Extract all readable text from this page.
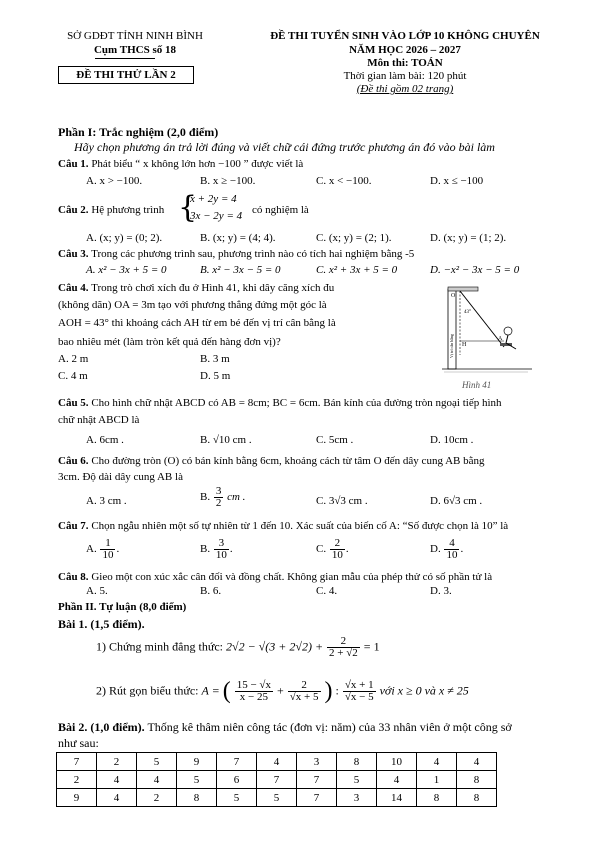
SỞ GDĐT TỈNH NINH BÌNH
Cụm THCS số 18
ĐỀ THI THỬ LẦN 2
ĐỀ THI TUYỂN SINH VÀO LỚP 10 KHÔNG CHUYÊN
NĂM HỌC 2026 – 2027
Môn thi: TOÁN
Thời gian làm bài: 120 phút
(Đề thi gồm 02 trang)
Phần I: Trắc nghiệm (2,0 điểm)
Hãy chọn phương án trả lời đúng và viết chữ cái đứng trước phương án đó vào bài làm
Câu 1. Phát biểu “ x không lớn hơn −100 ” được viết là
A. x > −100.	B. x ≥ −100.	C. x < −100.	D. x ≤ −100
Câu 2. Hệ phương trình {
x + 2y = 4
3x − 2y = 4 có nghiệm là
A. (x; y) = (0; 2).	B. (x; y) = (4; 4).	C. (x; y) = (2; 1).	D. (x; y) = (1; 2).
Câu 3. Trong các phương trình sau, phương trình nào có tích hai nghiệm bằng -5
A. x² − 3x + 5 = 0	B. x² − 3x − 5 = 0	C. x² + 3x + 5 = 0	D. −x² − 3x − 5 = 0
Câu 4. Trong trò chơi xích đu ở Hình 41, khi dây căng xích đu
(không dãn) OA = 3m tạo với phương thẳng đứng một góc là
AOH = 43° thì khoảng cách AH từ em bé đến vị trí cân bằng là
bao nhiêu mét (làm tròn kết quả đến hàng đơn vị)?
A. 2 m	B. 3 m
C. 4 m	D. 5 m
O
43°
H
A
Vị trí cân bằng
Hình 41
Câu 5. Cho hình chữ nhật ABCD có AB = 8cm; BC = 6cm. Bán kính của đường tròn ngoại tiếp hình
chữ nhật ABCD là
A. 6cm .	B. √10 cm .	C. 5cm .	D. 10cm .
Câu 6. Cho đường tròn (O) có bán kính bằng 6cm, khoảng cách từ tâm O đến dây cung AB bằng
3cm. Độ dài dây cung AB là
A. 3 cm .	B. $\frac{3}{2}$ cm .	C. 3√3 cm .	D. 6√3 cm .
Câu 7. Chọn ngẫu nhiên một số tự nhiên từ 1 đến 10. Xác suất của biến cố A: “Số được chọn là 10” là
A. $\frac{1}{10}$ .	B. $\frac{3}{10}$ .	C. $\frac{2}{10}$ .	D. $\frac{4}{10}$ .
Câu 8. Gieo một con xúc xắc cân đối và đồng chất. Không gian mẫu của phép thử có số phần tử là
A. 5.	B. 6.	C. 4.	D. 3.
Phần II. Tự luận (8,0 điểm)
Bài 1. (1,5 điểm).
1) Chứng minh đẳng thức: $2√2 - √(3 + 2√2) + \frac{2}{2 + √2} = 1$
2) Rút gọn biểu thức: A = ( $\frac{15 - √x}{x - 25} + \frac{2}{√x + 5}$ ) : $\frac{√x + 1}{√x - 5}$ với x ≥ 0 và x ≠ 25
Bài 2. (1,0 điểm). Thống kê thâm niên công tác (đơn vị: năm) của 33 nhân viên ở một công sở
như sau:
7	2	5	9	7	4	3	8	10	4	4
2	4	4	5	6	7	7	5	4	1	8
9	4	2	8	5	5	7	3	14	8	8
